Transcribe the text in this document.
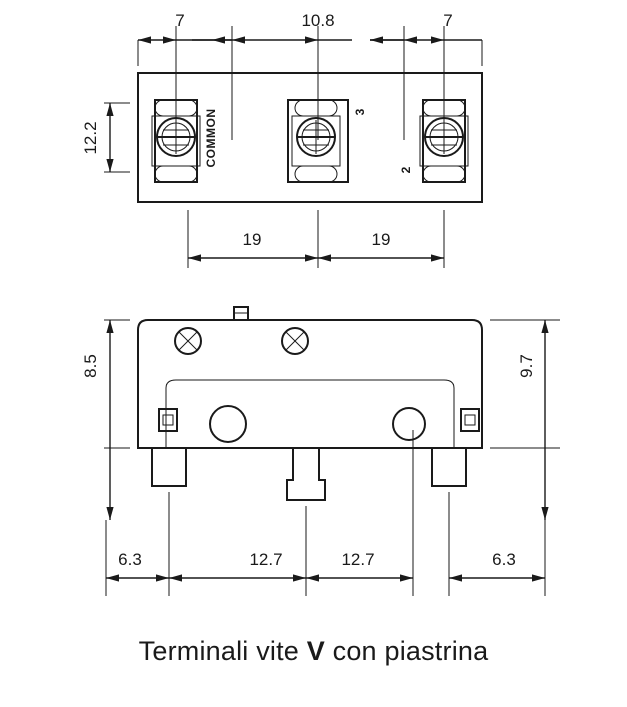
7	10.8	7
12.2	COMMON	3
2
19	19
8.5	9.7
6.3	12.7	12.7	6.3
Terminali vite V con piastrina
